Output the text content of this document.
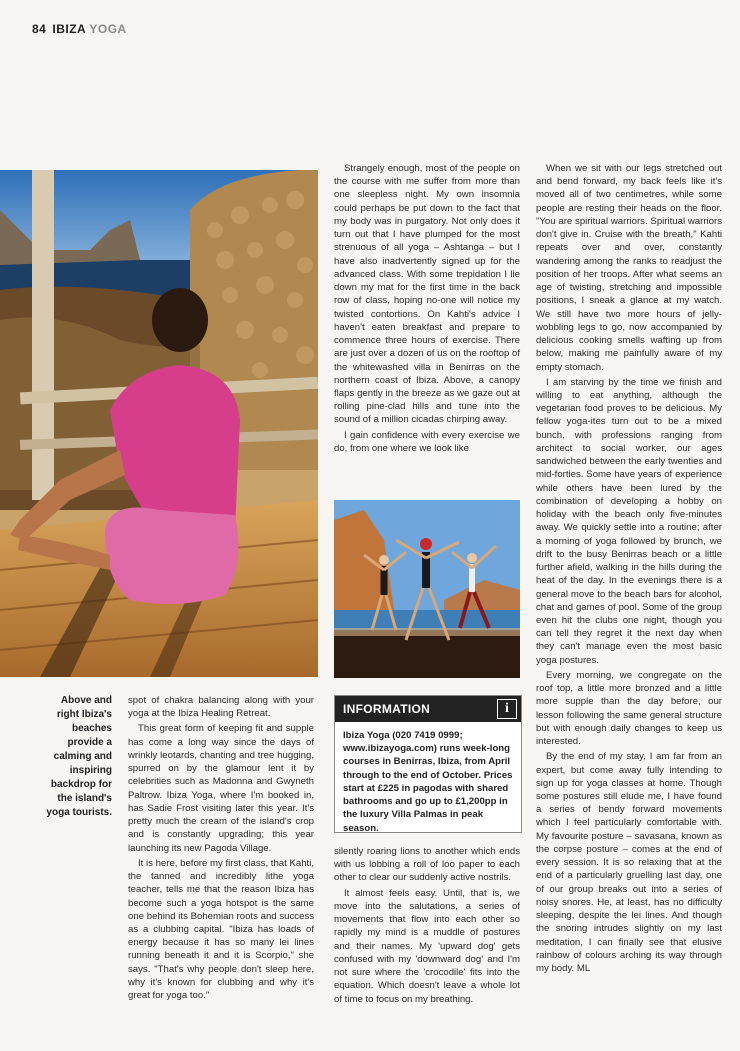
84 IBIZA YOGA
Above and right Ibiza's beaches provide a calming and inspiring backdrop for the island's yoga tourists.

spot of chakra balancing along with your yoga at the Ibiza Healing Retreat.

This great form of keeping fit and supple has come a long way since the days of wrinkly leotards, chanting and tree hugging, spurred on by the glamour lent it by celebrities such as Madonna and Gwyneth Paltrow. Ibiza Yoga, where I'm booked in, has Sadie Frost visiting later this year. It's pretty much the cream of the island's crop and is constantly upgrading; this year launching its new Pagoda Village.

It is here, before my first class, that Kahti, the tanned and incredibly lithe yoga teacher, tells me that the reason Ibiza has become such a yoga hotspot is the same one behind its Bohemian roots and success as a clubbing capital. "Ibiza has loads of energy because it has so many lei lines running beneath it and it is Scorpio," she says. "That's why people don't sleep here, why it's known for clubbing and why it's great for yoga too."

Strangely enough, most of the people on the course with me suffer from more than one sleepless night. My own insomnia could perhaps be put down to the fact that my body was in purgatory. Not only does it turn out that I have plumped for the most strenuous of all yoga – Ashtanga – but I have also inadvertently signed up for the advanced class. With some trepidation I lie down my mat for the first time in the back row of class, hoping no-one will notice my twisted contortions. On Kahti's advice I haven't eaten breakfast and prepare to commence three hours of exercise. There are just over a dozen of us on the rooftop of the whitewashed villa in Benirras on the northern coast of Ibiza. Above, a canopy flaps gently in the breeze as we gaze out at rolling pine-clad hills and tune into the sound of a million cicadas chirping away.

I gain confidence with every exercise we do, from one where we look like

INFORMATION	i
Ibiza Yoga (020 7419 0999; www.ibizayoga.com) runs week-long courses in Benirras, Ibiza, from April through to the end of October. Prices start at £225 in pagodas with shared bathrooms and go up to £1,200pp in the luxury Villa Palmas in peak season.

silently roaring lions to another which ends with us lobbing a roll of loo paper to each other to clear our suddenly active nostrils.

It almost feels easy. Until, that is, we move into the salutations, a series of movements that flow into each other so rapidly my mind is a muddle of postures and their names. My 'upward dog' gets confused with my 'downward dog' and I'm not sure where the 'crocodile' fits into the equation. Which doesn't leave a whole lot of time to focus on my breathing.

When we sit with our legs stretched out and bend forward, my back feels like it's moved all of two centimetres, while some people are resting their heads on the floor. "You are spiritual warriors. Spiritual warriors don't give in. Cruise with the breath," Kahti repeats over and over, constantly wandering among the ranks to readjust the position of her troops. After what seems an age of twisting, stretching and impossible positions, I sneak a glance at my watch. We still have two more hours of jelly-wobbling legs to go, now accompanied by delicious cooking smells wafting up from below, making me painfully aware of my empty stomach.

I am starving by the time we finish and willing to eat anything, although the vegetarian food proves to be delicious. My fellow yoga-ites turn out to be a mixed bunch, with professions ranging from architect to social worker, our ages sandwiched between the early twenties and mid-forties. Some have years of experience while others have been lured by the combination of developing a hobby on holiday with the beach only five-minutes away. We quickly settle into a routine; after a morning of yoga followed by brunch, we drift to the busy Benirras beach or a little further afield, walking in the hills during the heat of the day. In the evenings there is a general move to the beach bars for alcohol, chat and games of pool. Some of the group even hit the clubs one night, though you can tell they regret it the next day when they can't manage even the most basic yoga postures.

Every morning, we congregate on the roof top, a little more bronzed and a little more supple than the day before, our lesson following the same general structure but with enough daily changes to keep us interested.

By the end of my stay, I am far from an expert, but come away fully intending to sign up for yoga classes at home. Though some postures still elude me, I have found a series of bendy forward movements which I feel particularly comfortable with. My favourite posture – savasana, known as the corpse posture – comes at the end of every session. It is so relaxing that at the end of a particularly gruelling last day, one of our group breaks out into a series of noisy snores. He, at least, has no difficulty sleeping, despite the lei lines. And though the snoring intrudes slightly on my last meditation, I can finally see that elusive rainbow of colours arching its way through my body. ML
